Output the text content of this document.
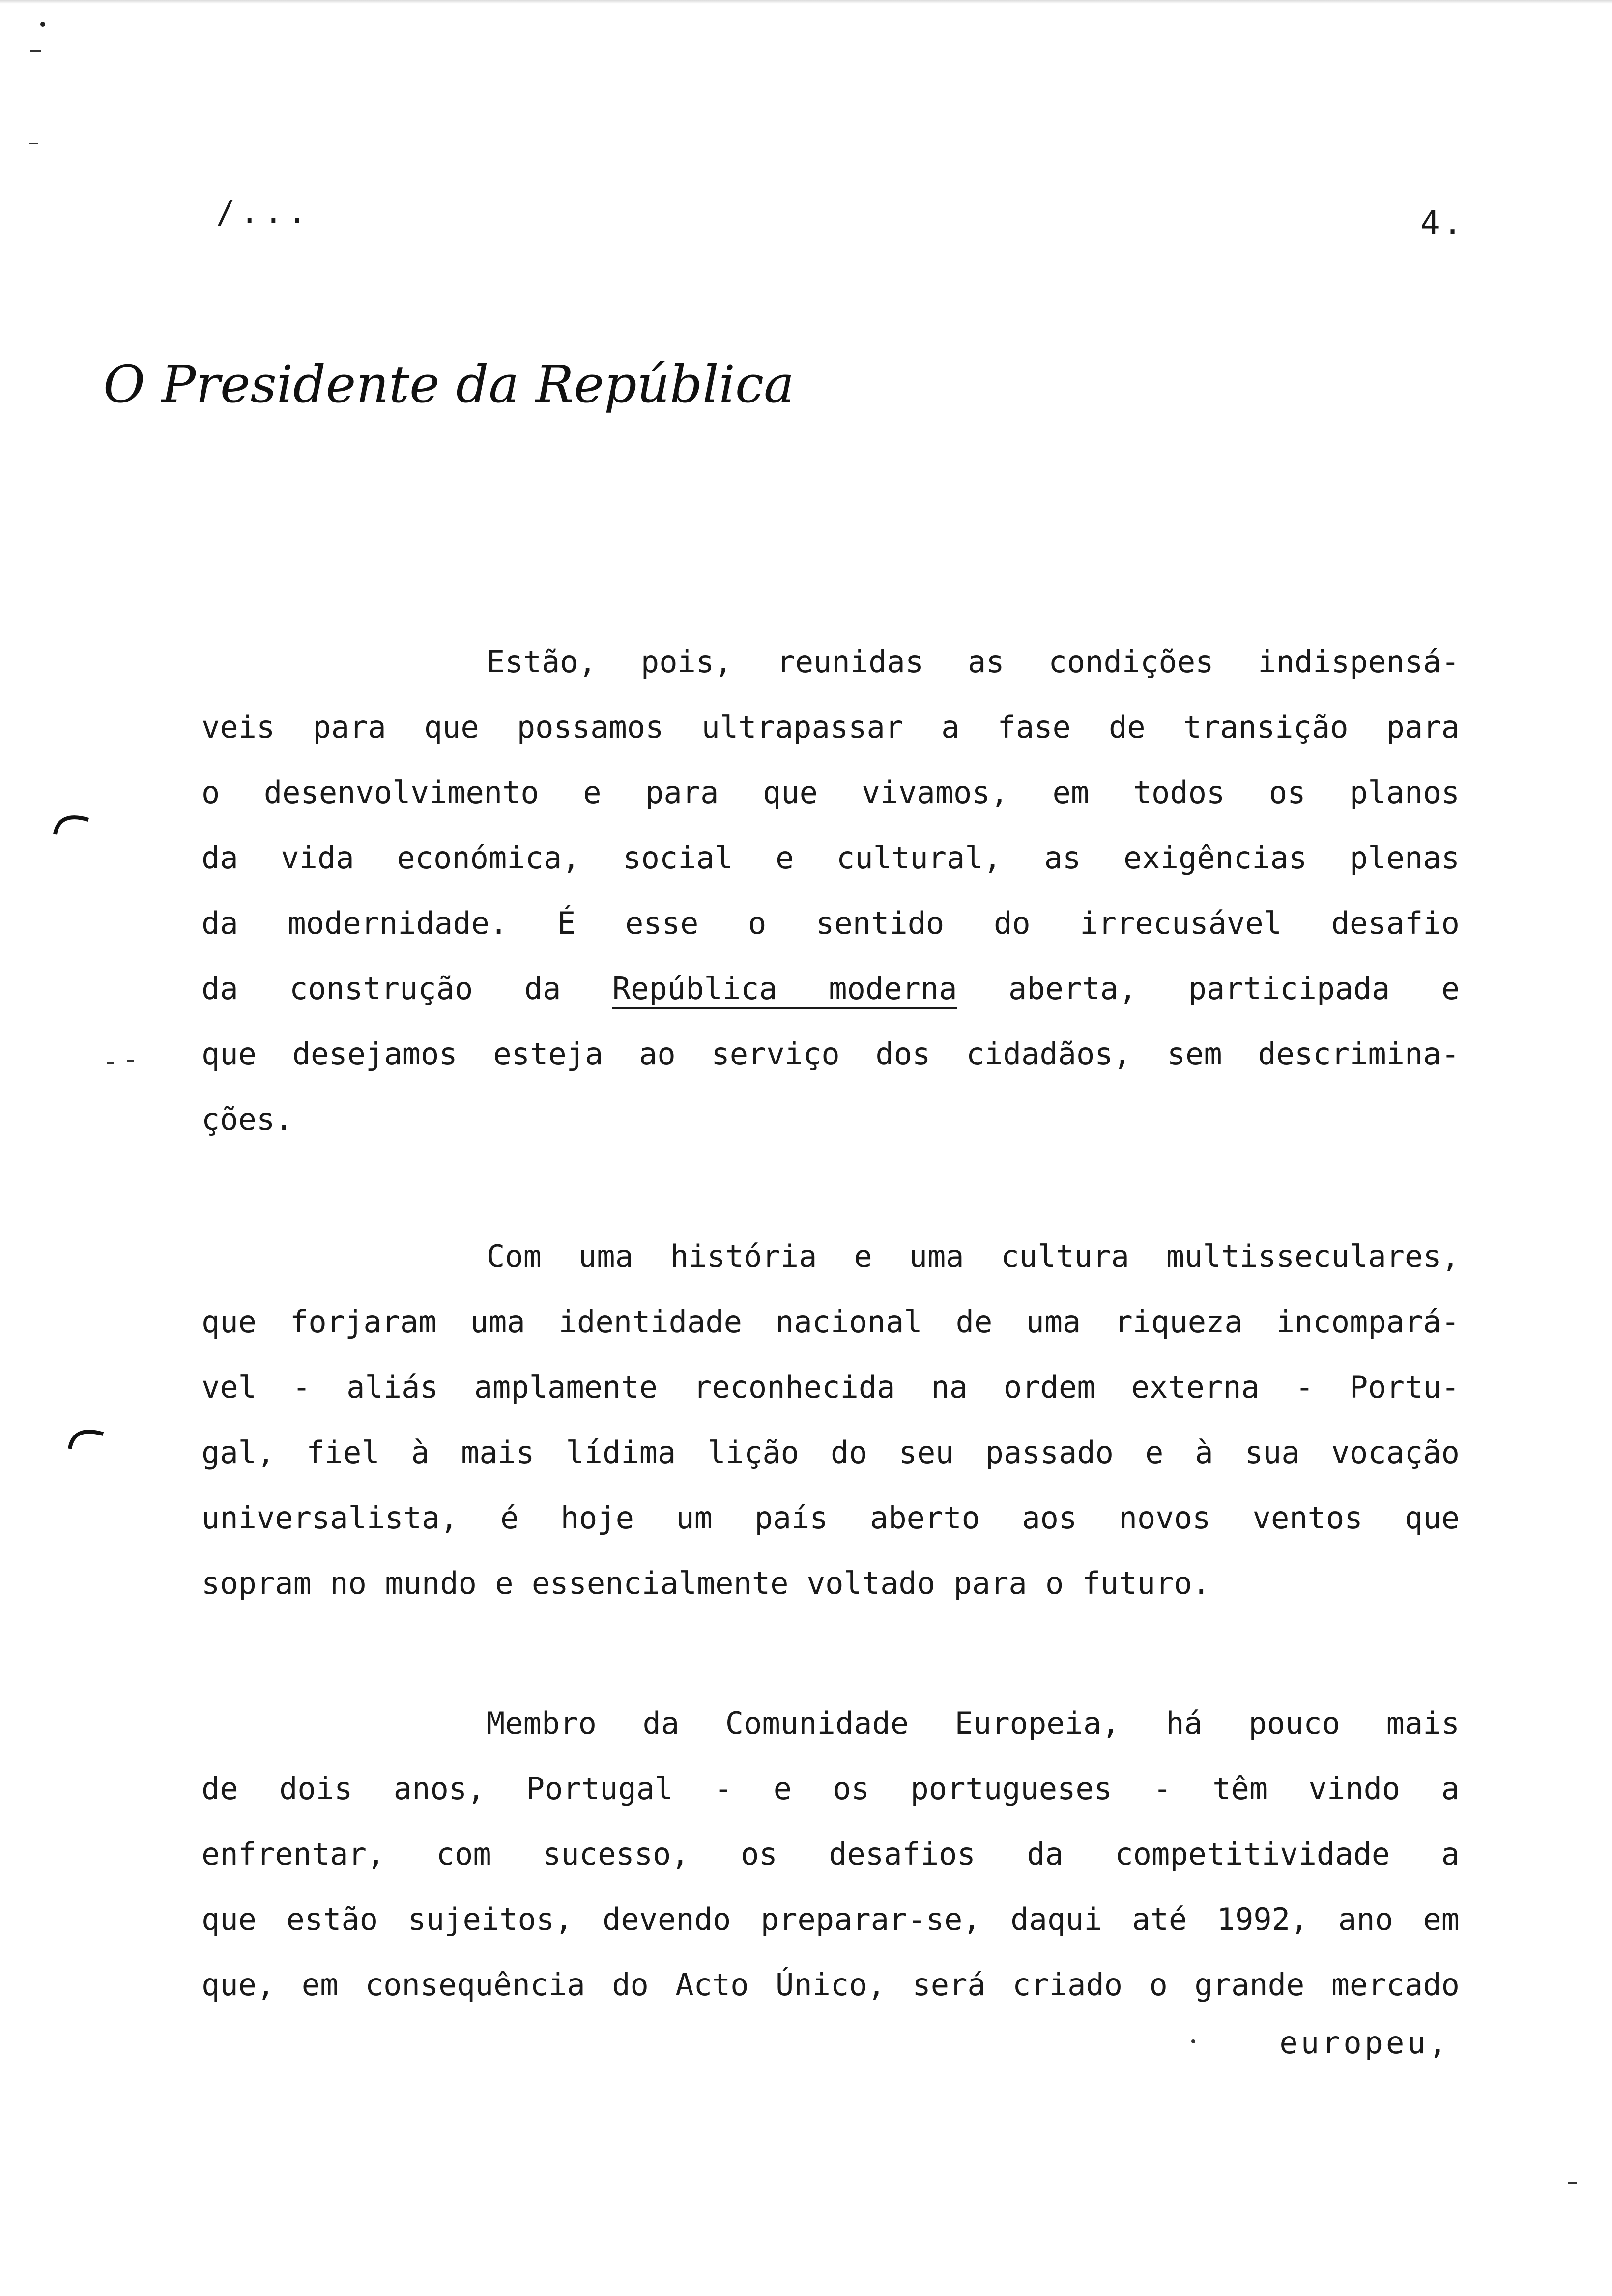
/...	4.
O Presidente da República
Estão, pois, reunidas as condições indispensá-
veis para que possamos ultrapassar a fase de transição para
o desenvolvimento e para que vivamos, em todos os planos
da vida económica, social e cultural, as exigências plenas
da modernidade. É esse o sentido do irrecusável desafio
da construção da República moderna aberta, participada e
que desejamos esteja ao serviço dos cidadãos, sem descrimina-
ções.
Com uma história e uma cultura multisseculares,
que forjaram uma identidade nacional de uma riqueza incompará-
vel - aliás amplamente reconhecida na ordem externa - Portu-
gal, fiel à mais lídima lição do seu passado e à sua vocação
universalista, é hoje um país aberto aos novos ventos que
sopram no mundo e essencialmente voltado para o futuro.
Membro da Comunidade Europeia, há pouco mais
de dois anos, Portugal - e os portugueses - têm vindo a
enfrentar, com sucesso, os desafios da competitividade a
que estão sujeitos, devendo preparar-se, daqui até 1992, ano em
que, em consequência do Acto Único, será criado o grande mercado
europeu,
